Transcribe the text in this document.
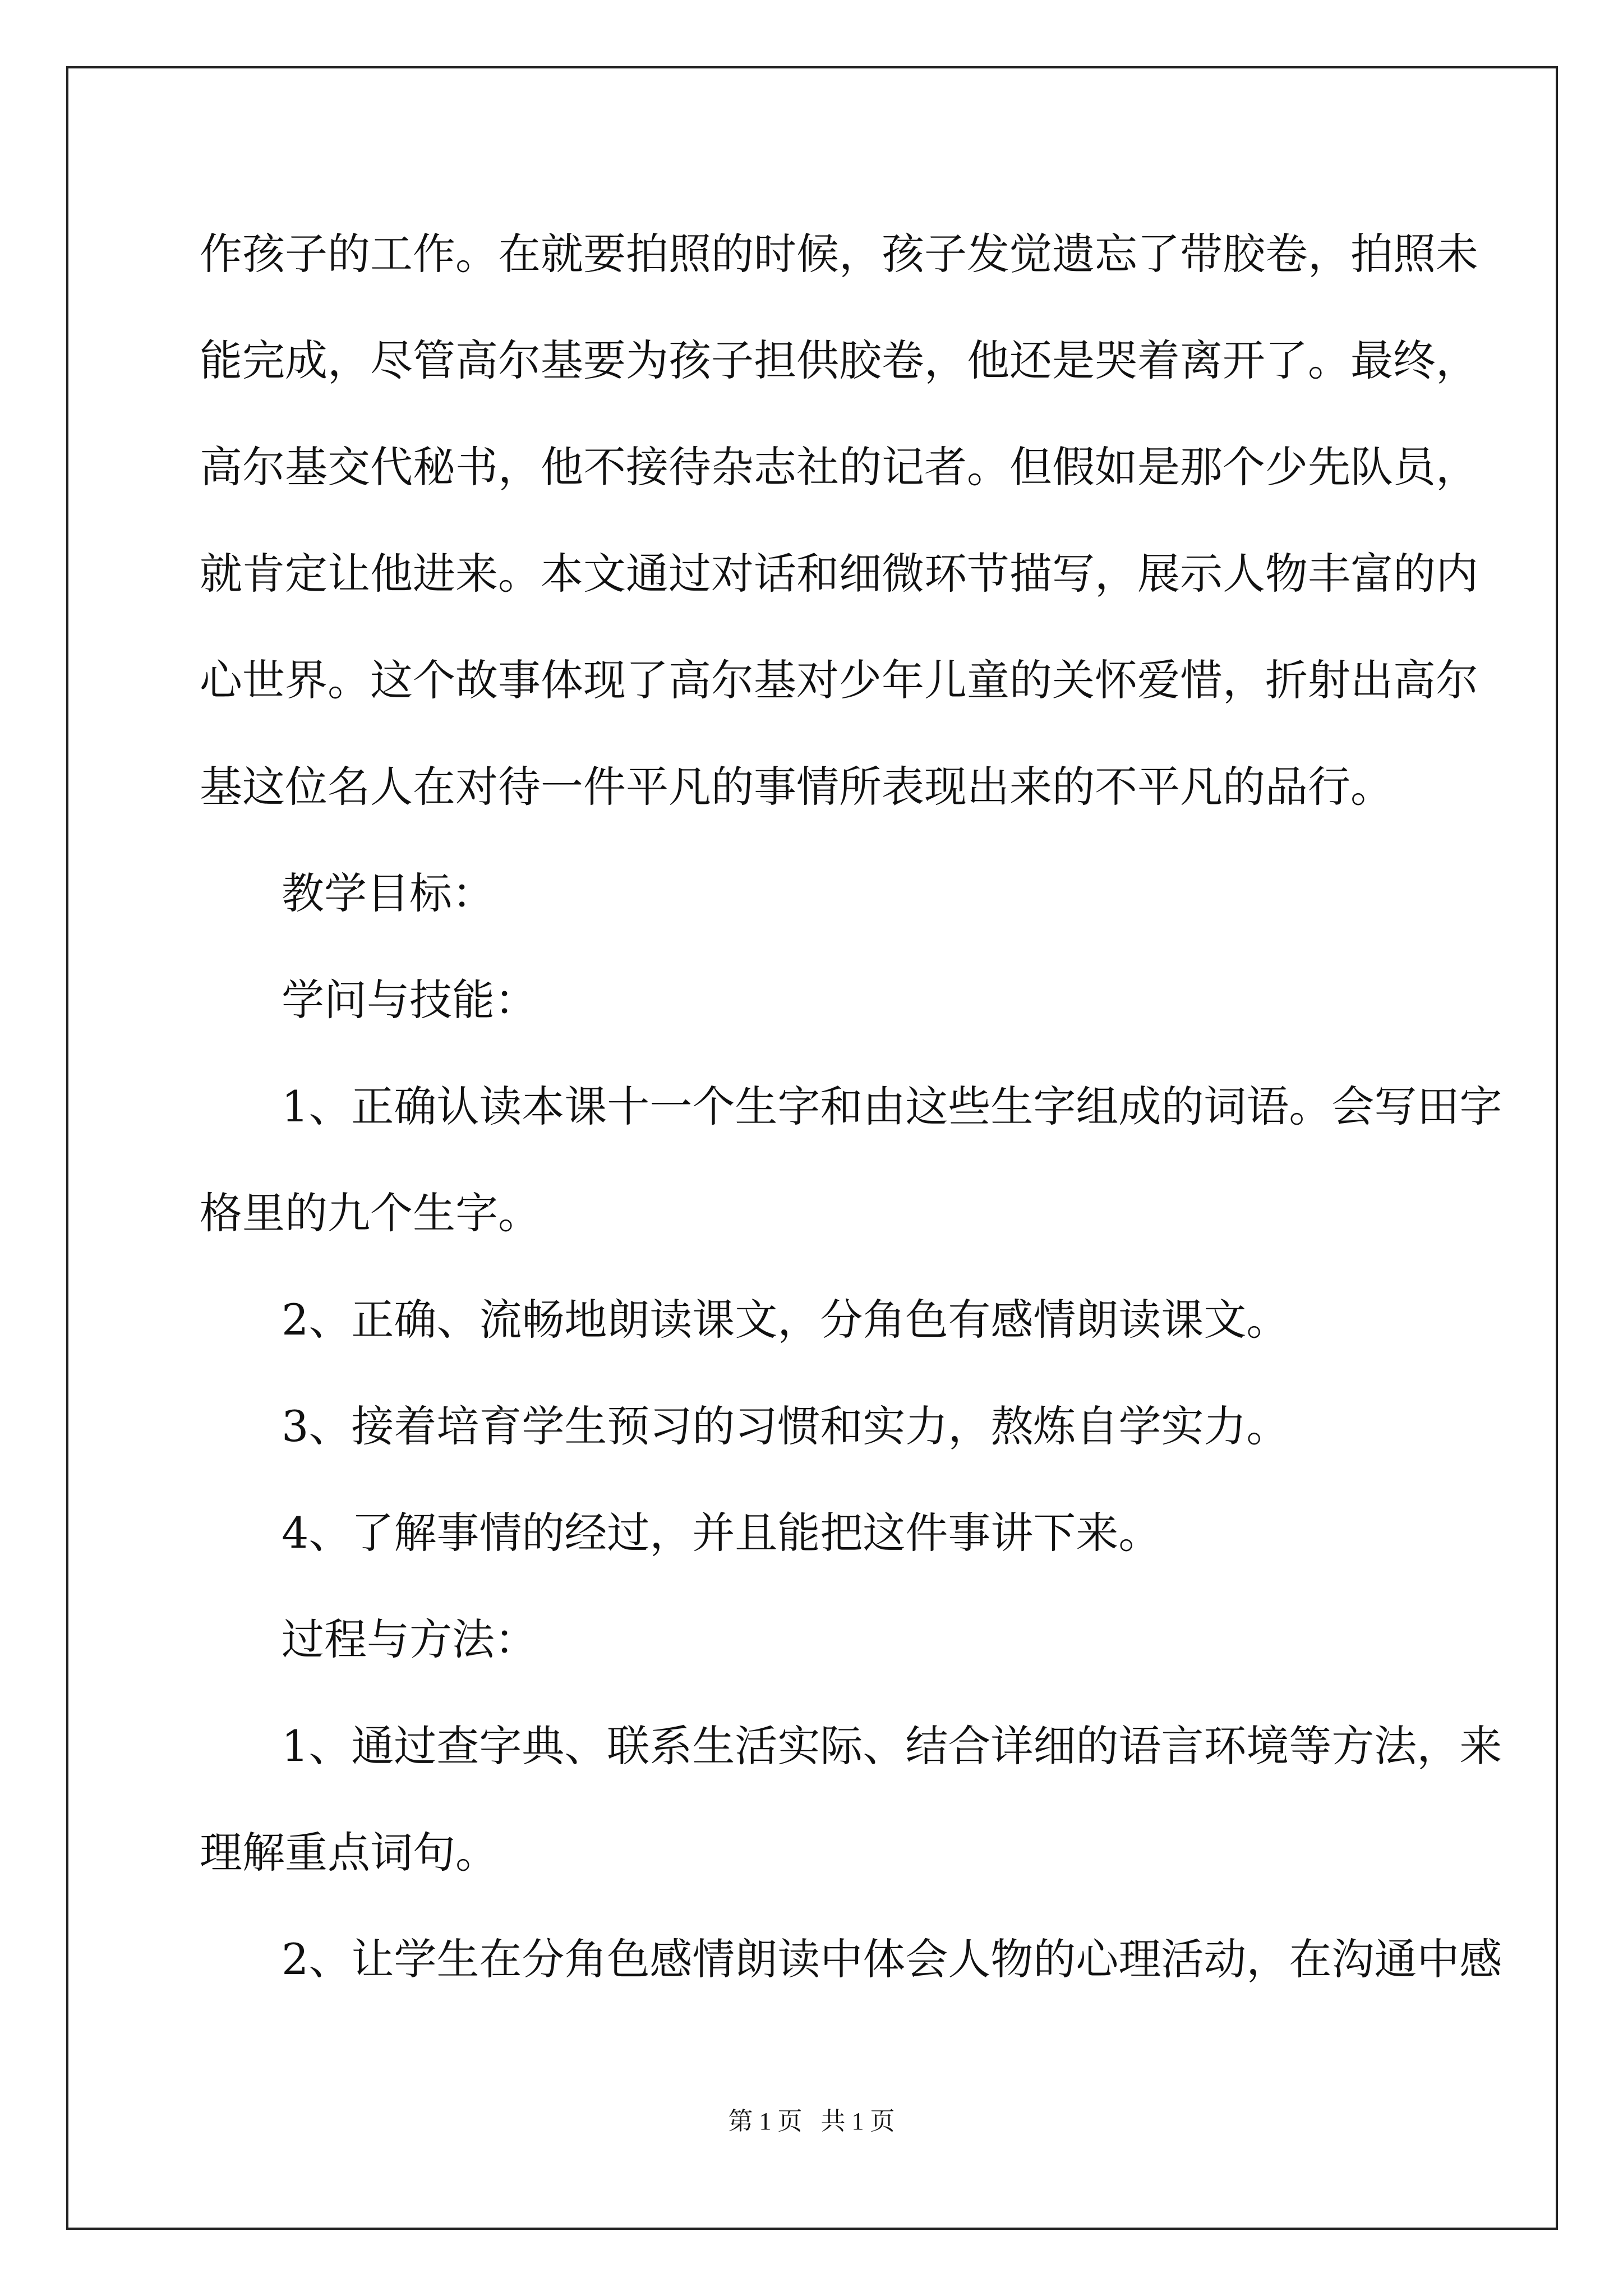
作孩子的工作。在就要拍照的时候，孩子发觉遗忘了带胶卷，拍照未
能完成，尽管高尔基要为孩子担供胶卷，他还是哭着离开了。最终，
高尔基交代秘书，他不接待杂志社的记者。但假如是那个少先队员，
就肯定让他进来。本文通过对话和细微环节描写，展示人物丰富的内
心世界。这个故事体现了高尔基对少年儿童的关怀爱惜，折射出高尔
基这位名人在对待一件平凡的事情所表现出来的不平凡的品行。
教学目标：
学问与技能：
1、正确认读本课十一个生字和由这些生字组成的词语。会写田字
格里的九个生字。
2、正确、流畅地朗读课文，分角色有感情朗读课文。
3、接着培育学生预习的习惯和实力，熬炼自学实力。
4、了解事情的经过，并且能把这件事讲下来。
过程与方法：
1、通过查字典、联系生活实际、结合详细的语言环境等方法，来
理解重点词句。
2、让学生在分角色感情朗读中体会人物的心理活动，在沟通中感
第 1 页   共 1 页
